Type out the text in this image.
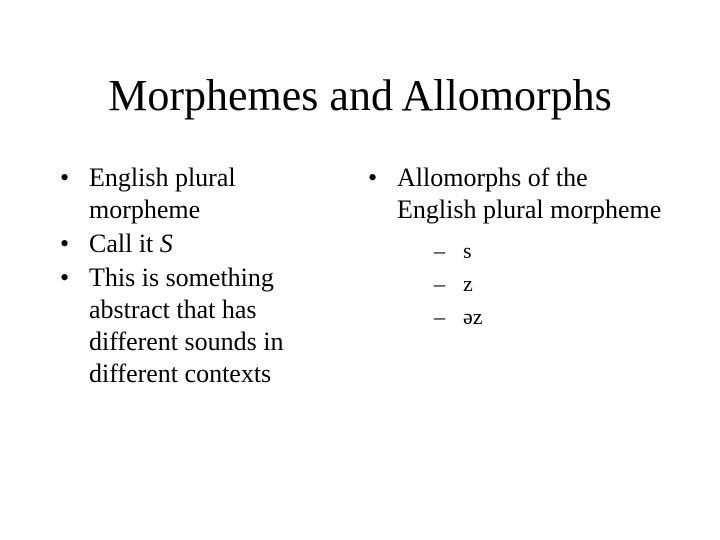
Morphemes and Allomorphs
• English plural morpheme
• Call it S
• This is something abstract that has different sounds in different contexts
• Allomorphs of the English plural morpheme
– s
– z
– əz
